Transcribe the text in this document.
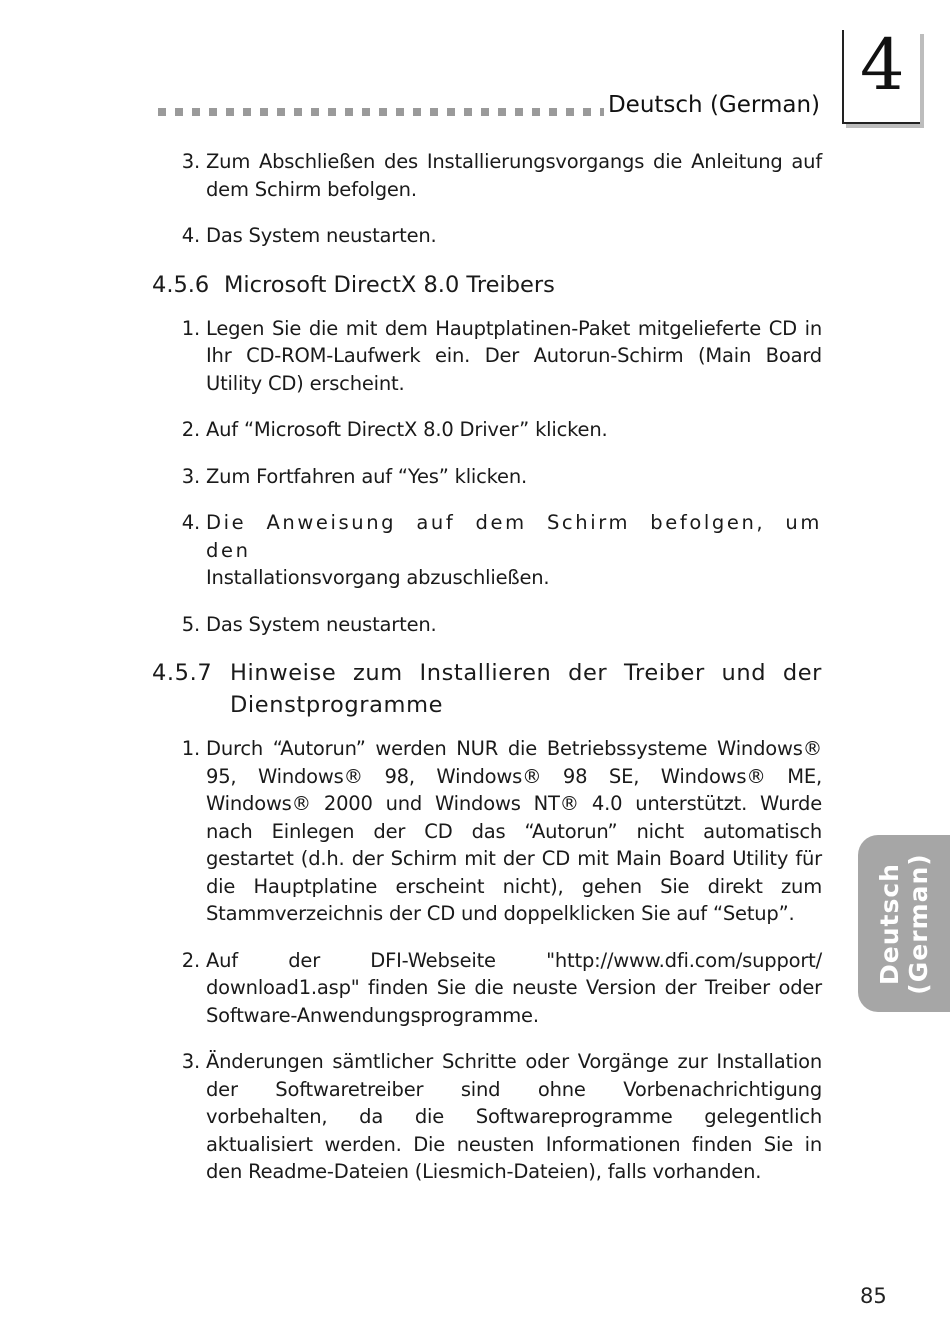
Deutsch (German) 4
3. Zum Abschließen des Installierungsvorgangs die Anleitung auf dem Schirm befolgen.
4. Das System neustarten.
4.5.6 Microsoft DirectX 8.0 Treibers
1. Legen Sie die mit dem Hauptplatinen-Paket mitgelieferte CD in Ihr CD-ROM-Laufwerk ein. Der Autorun-Schirm (Main Board Utility CD) erscheint.
2. Auf “Microsoft DirectX 8.0 Driver” klicken.
3. Zum Fortfahren auf “Yes” klicken.
4. Die Anweisung auf dem Schirm befolgen, um den
Installationsvorgang abzuschließen.
5. Das System neustarten.
4.5.7 Hinweise zum Installieren der Treiber und der Dienstprogramme
1. Durch “Autorun” werden NUR die Betriebssysteme Windows® 95, Windows® 98, Windows® 98 SE, Windows® ME, Windows® 2000 und Windows NT® 4.0 unterstützt. Wurde nach Einlegen der CD das “Autorun” nicht automatisch gestartet (d.h. der Schirm mit der CD mit Main Board Utility für die Hauptplatine erscheint nicht), gehen Sie direkt zum Stammverzeichnis der CD und doppelklicken Sie auf “Setup”.
2. Auf der DFI-Webseite "http://www.dfi.com/support/ download1.asp" finden Sie die neuste Version der Treiber oder Software-Anwendungsprogramme.
3. Änderungen sämtlicher Schritte oder Vorgänge zur Installation der Softwaretreiber sind ohne Vorbenachrichtigung vorbehalten, da die Softwareprogramme gelegentlich aktualisiert werden. Die neusten Informationen finden Sie in den Readme-Dateien (Liesmich-Dateien), falls vorhanden.
Deutsch
(German)
85
